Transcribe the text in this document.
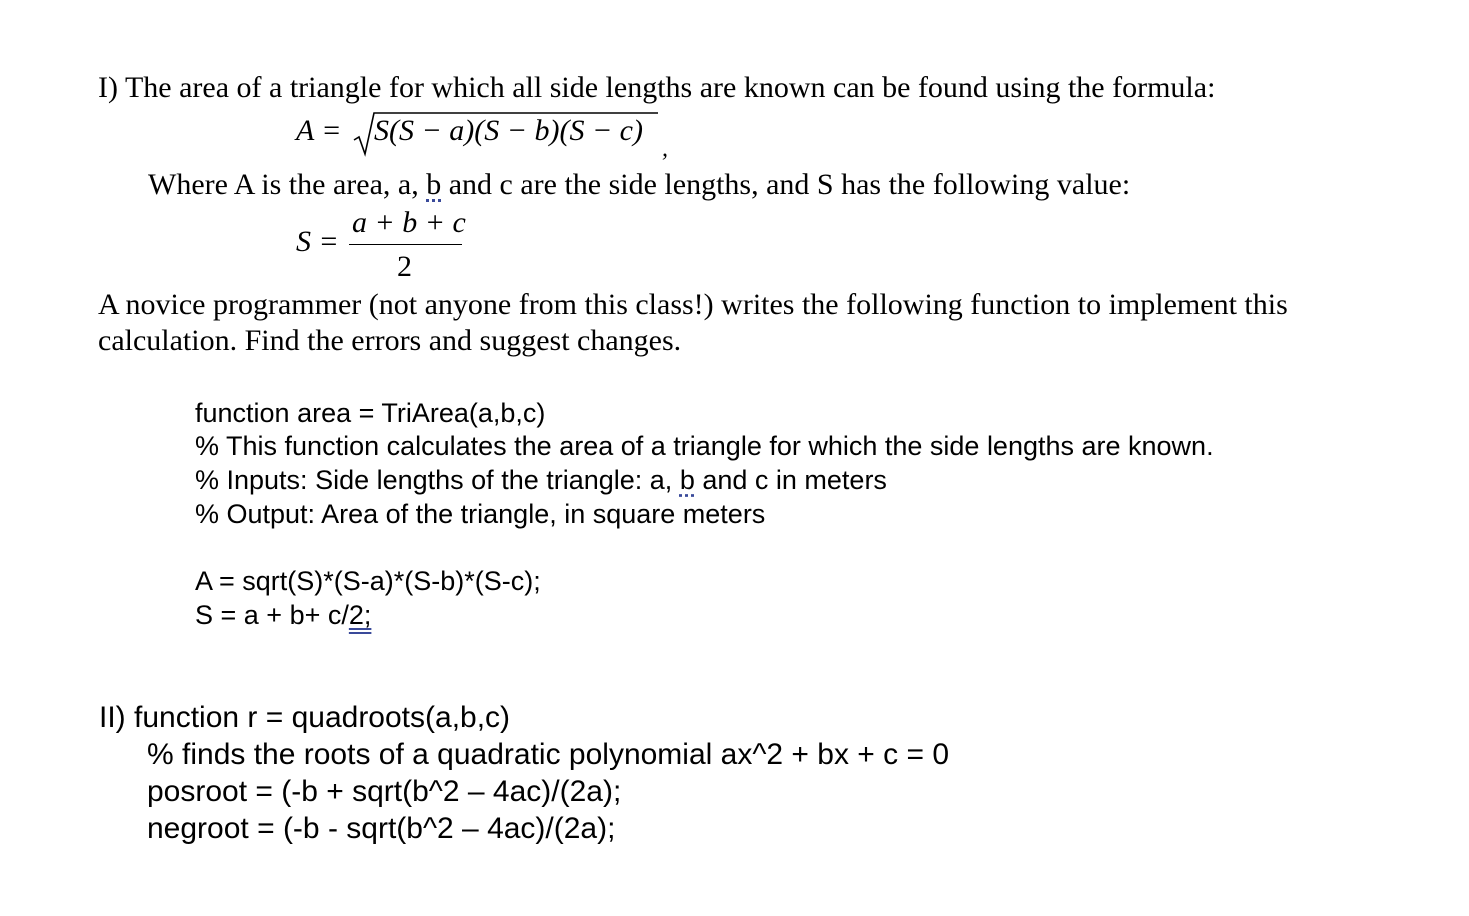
I) The area of a triangle for which all side lengths are known can be found using the formula:
A = S(S − a)(S − b)(S − c)
,
Where A is the area, a, b and c are the side lengths, and S has the following value:
S =
a + b + c
2
A novice programmer (not anyone from this class!) writes the following function to implement this
calculation. Find the errors and suggest changes.
function area = TriArea(a,b,c)
% This function calculates the area of a triangle for which the side lengths are known.
% Inputs: Side lengths of the triangle: a, b and c in meters
% Output: Area of the triangle, in square meters
A = sqrt(S)*(S-a)*(S-b)*(S-c);
S = a + b+ c/2;
II) function r = quadroots(a,b,c)
% finds the roots of a quadratic polynomial ax^2 + bx + c = 0
posroot = (-b + sqrt(b^2 – 4ac)/(2a);
negroot = (-b - sqrt(b^2 – 4ac)/(2a);
